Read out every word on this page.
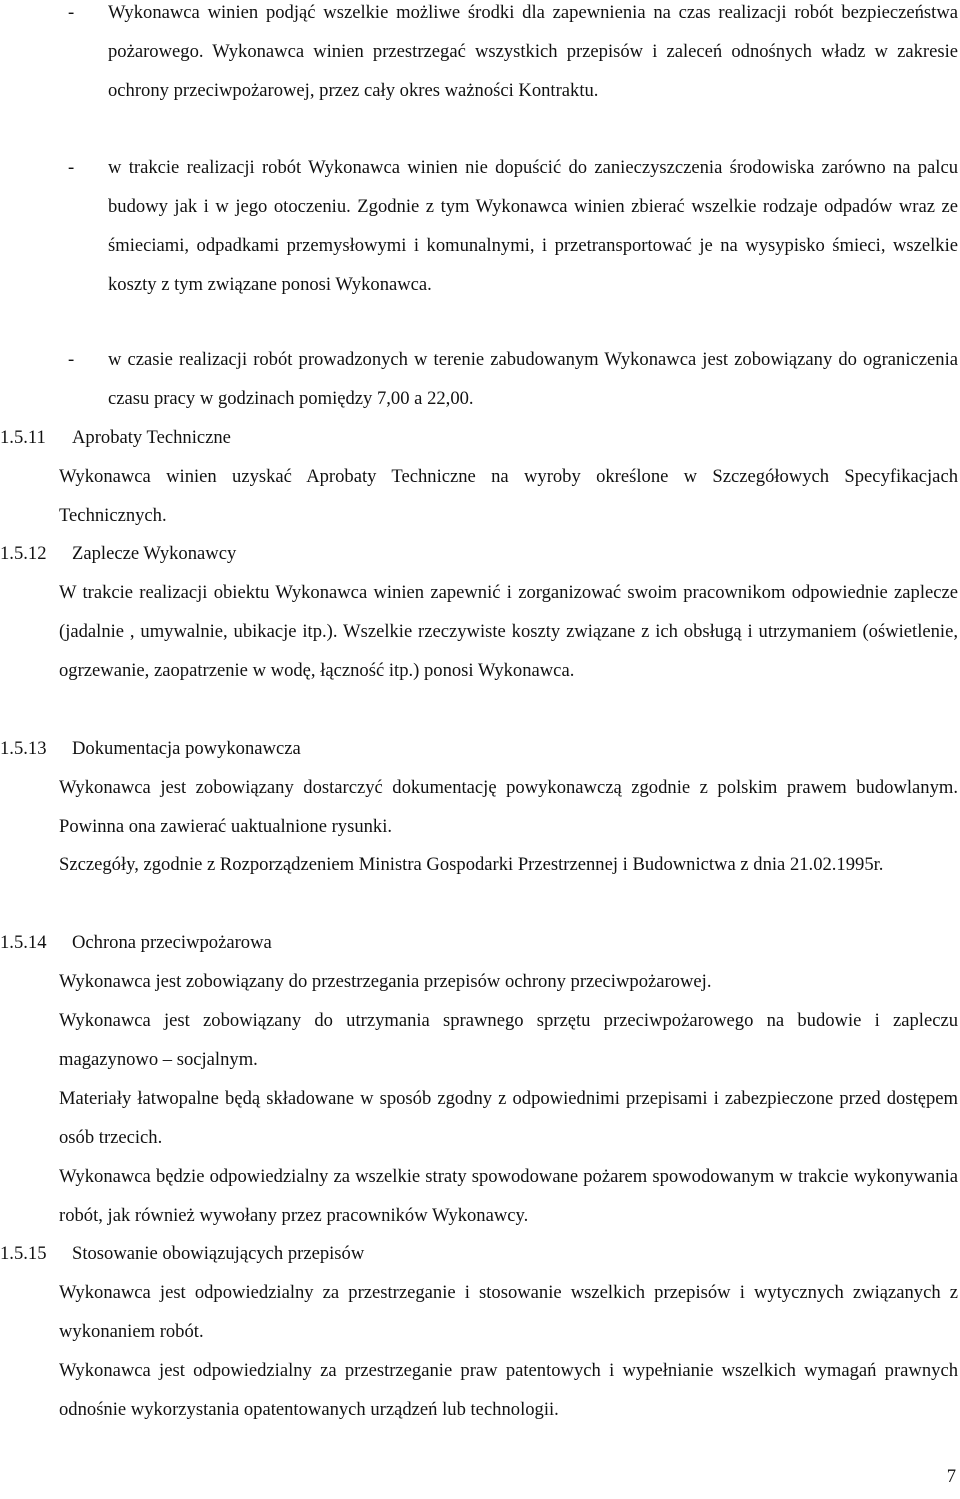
- Wykonawca winien podjąć wszelkie możliwe środki dla zapewnienia na czas realizacji robót bezpieczeństwa pożarowego. Wykonawca winien przestrzegać wszystkich przepisów i zaleceń odnośnych władz w zakresie ochrony przeciwpożarowej, przez cały okres ważności Kontraktu.

- w trakcie realizacji robót Wykonawca winien nie dopuścić do zanieczyszczenia środowiska zarówno na palcu budowy jak i w jego otoczeniu. Zgodnie z tym Wykonawca winien zbierać wszelkie rodzaje odpadów wraz ze śmieciami, odpadkami przemysłowymi i komunalnymi, i przetransportować je na wysypisko śmieci, wszelkie koszty z tym związane ponosi Wykonawca.

- w czasie realizacji robót prowadzonych w terenie zabudowanym Wykonawca jest zobowiązany do ograniczenia czasu pracy w godzinach pomiędzy 7,00 a 22,00.

1.5.11 Aprobaty Techniczne

Wykonawca winien uzyskać Aprobaty Techniczne na wyroby określone w Szczegółowych Specyfikacjach Technicznych.

1.5.12 Zaplecze Wykonawcy

W trakcie realizacji obiektu Wykonawca winien zapewnić i zorganizować swoim pracownikom odpowiednie zaplecze (jadalnie , umywalnie, ubikacje itp.). Wszelkie rzeczywiste koszty związane z ich obsługą i utrzymaniem (oświetlenie, ogrzewanie, zaopatrzenie w wodę, łączność itp.) ponosi Wykonawca.

1.5.13 Dokumentacja powykonawcza

Wykonawca jest zobowiązany dostarczyć dokumentację powykonawczą zgodnie z polskim prawem budowlanym. Powinna ona zawierać uaktualnione rysunki.

Szczegóły, zgodnie z Rozporządzeniem Ministra Gospodarki Przestrzennej i Budownictwa z dnia 21.02.1995r.

1.5.14 Ochrona przeciwpożarowa

Wykonawca jest zobowiązany do przestrzegania przepisów ochrony przeciwpożarowej.

Wykonawca jest zobowiązany do utrzymania sprawnego sprzętu przeciwpożarowego na budowie i zapleczu magazynowo – socjalnym.

Materiały łatwopalne będą składowane w sposób zgodny z odpowiednimi przepisami i zabezpieczone przed dostępem osób trzecich.

Wykonawca będzie odpowiedzialny za wszelkie straty spowodowane pożarem spowodowanym w trakcie wykonywania robót, jak również wywołany przez pracowników Wykonawcy.

1.5.15 Stosowanie obowiązujących przepisów

Wykonawca jest odpowiedzialny za przestrzeganie i stosowanie wszelkich przepisów i wytycznych związanych z wykonaniem robót.

Wykonawca jest odpowiedzialny za przestrzeganie praw patentowych i wypełnianie wszelkich wymagań prawnych odnośnie wykorzystania opatentowanych urządzeń lub technologii.

7
